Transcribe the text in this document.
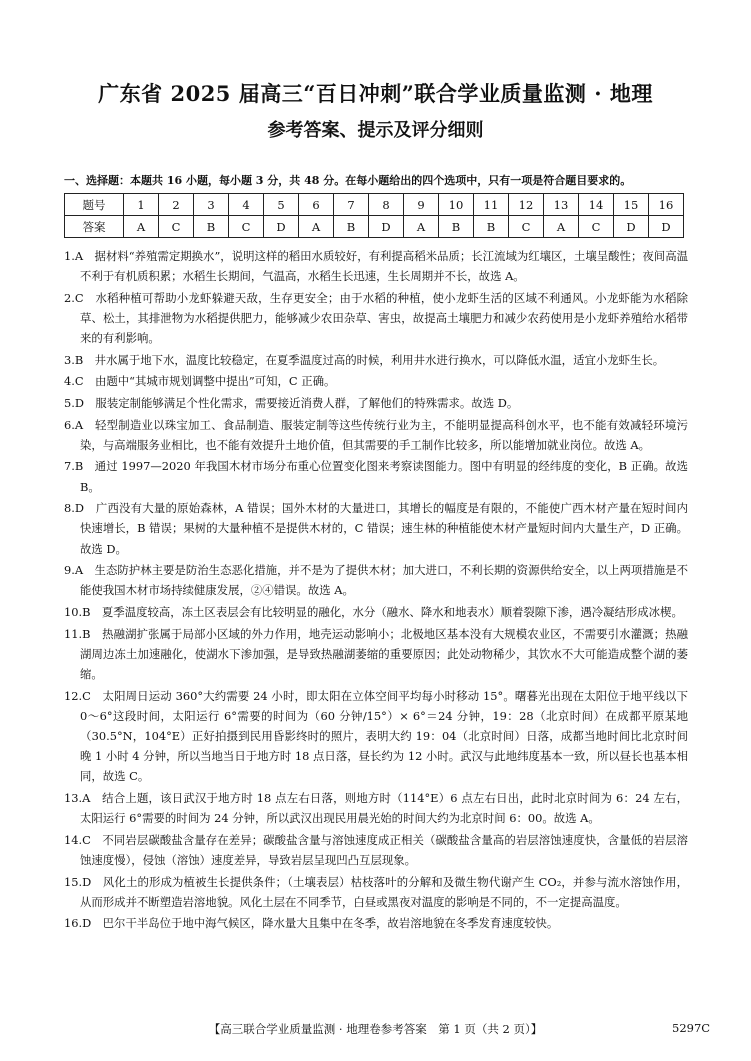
广东省 2025 届高三“百日冲刺”联合学业质量监测 · 地理
参考答案、提示及评分细则
一、选择题：本题共 16 小题，每小题 3 分，共 48 分。在每小题给出的四个选项中，只有一项是符合题目要求的。
题号	1	2	3	4	5	6	7	8	9	10	11	12	13	14	15	16
答案	A	C	B	C	D	A	B	D	A	B	B	C	A	C	D	D

1.A　 据材料“养殖需定期换水”，说明这样的稻田水质较好，有利提高稻米品质；长江流域为红壤区，土壤呈酸性；夜间高温不利于有机质积累；水稻生长期间，气温高，水稻生长迅速，生长周期并不长，故选 A。

2.C　 水稻种植可帮助小龙虾躲避天敌，生存更安全；由于水稻的种植，使小龙虾生活的区域不利通风。小龙虾能为水稻除草、松土，其排泄物为水稻提供肥力，能够减少农田杂草、害虫，故提高土壤肥力和减少农药使用是小龙虾养殖给水稻带来的有利影响。

3.B　 井水属于地下水，温度比较稳定，在夏季温度过高的时候，利用井水进行换水，可以降低水温，适宜小龙虾生长。

4.C　 由题中“其城市规划调整中提出”可知，C 正确。

5.D　 服装定制能够满足个性化需求，需要接近消费人群，了解他们的特殊需求。故选 D。

6.A　 轻型制造业以珠宝加工、食品制造、服装定制等这些传统行业为主，不能明显提高科创水平，也不能有效减轻环境污染，与高端服务业相比，也不能有效提升土地价值，但其需要的手工制作比较多，所以能增加就业岗位。故选 A。

7.B　 通过 1997—2020 年我国木材市场分布重心位置变化图来考察读图能力。图中有明显的经纬度的变化，B 正确。故选 B。

8.D　 广西没有大量的原始森林，A 错误；国外木材的大量进口，其增长的幅度是有限的，不能使广西木材产量在短时间内快速增长，B 错误；果树的大量种植不是提供木材的，C 错误；速生林的种植能使木材产量短时间内大量生产，D 正确。故选 D。

9.A　 生态防护林主要是防治生态恶化措施，并不是为了提供木材；加大进口，不利长期的资源供给安全，以上两项措施是不能使我国木材市场持续健康发展，②④错误。故选 A。

10.B　 夏季温度较高，冻土区表层会有比较明显的融化，水分（融水、降水和地表水）顺着裂隙下渗，遇冷凝结形成冰楔。

11.B　 热融湖扩张属于局部小区域的外力作用，地壳运动影响小；北极地区基本没有大规模农业区，不需要引水灌溉；热融湖周边冻土加速融化，使湖水下渗加强，是导致热融湖萎缩的重要原因；此处动物稀少，其饮水不大可能造成整个湖的萎缩。

12.C　 太阳周日运动 360°大约需要 24 小时，即太阳在立体空间平均每小时移动 15°。曙暮光出现在太阳位于地平线以下 0～6°这段时间，太阳运行 6°需要的时间为（60 分钟/15°）× 6°＝24 分钟，19：28（北京时间）在成都平原某地（30.5°N，104°E）正好拍摄到民用昏影终时的照片，表明大约 19：04（北京时间）日落，成都当地时间比北京时间晚 1 小时 4 分钟，所以当地当日于地方时 18 点日落，昼长约为 12 小时。武汉与此地纬度基本一致，所以昼长也基本相同，故选 C。

13.A　 结合上题，该日武汉于地方时 18 点左右日落，则地方时（114°E）6 点左右日出，此时北京时间为 6：24 左右，太阳运行 6°需要的时间为 24 分钟，所以武汉出现民用晨光始的时间大约为北京时间 6：00。故选 A。

14.C　 不同岩层碳酸盐含量存在差异；碳酸盐含量与溶蚀速度成正相关（碳酸盐含量高的岩层溶蚀速度快，含量低的岩层溶蚀速度慢），侵蚀（溶蚀）速度差异，导致岩层呈现凹凸互层现象。

15.D　 风化土的形成为植被生长提供条件；（土壤表层）枯枝落叶的分解和及微生物代谢产生 CO₂，并参与流水溶蚀作用，从而形成并不断塑造岩溶地貌。风化土层在不同季节，白昼或黑夜对温度的影响是不同的，不一定提高温度。

16.D　 巴尔干半岛位于地中海气候区，降水量大且集中在冬季，故岩溶地貌在冬季发育速度较快。

【高三联合学业质量监测 · 地理卷参考答案　第 1 页（共 2 页）】	5297C
